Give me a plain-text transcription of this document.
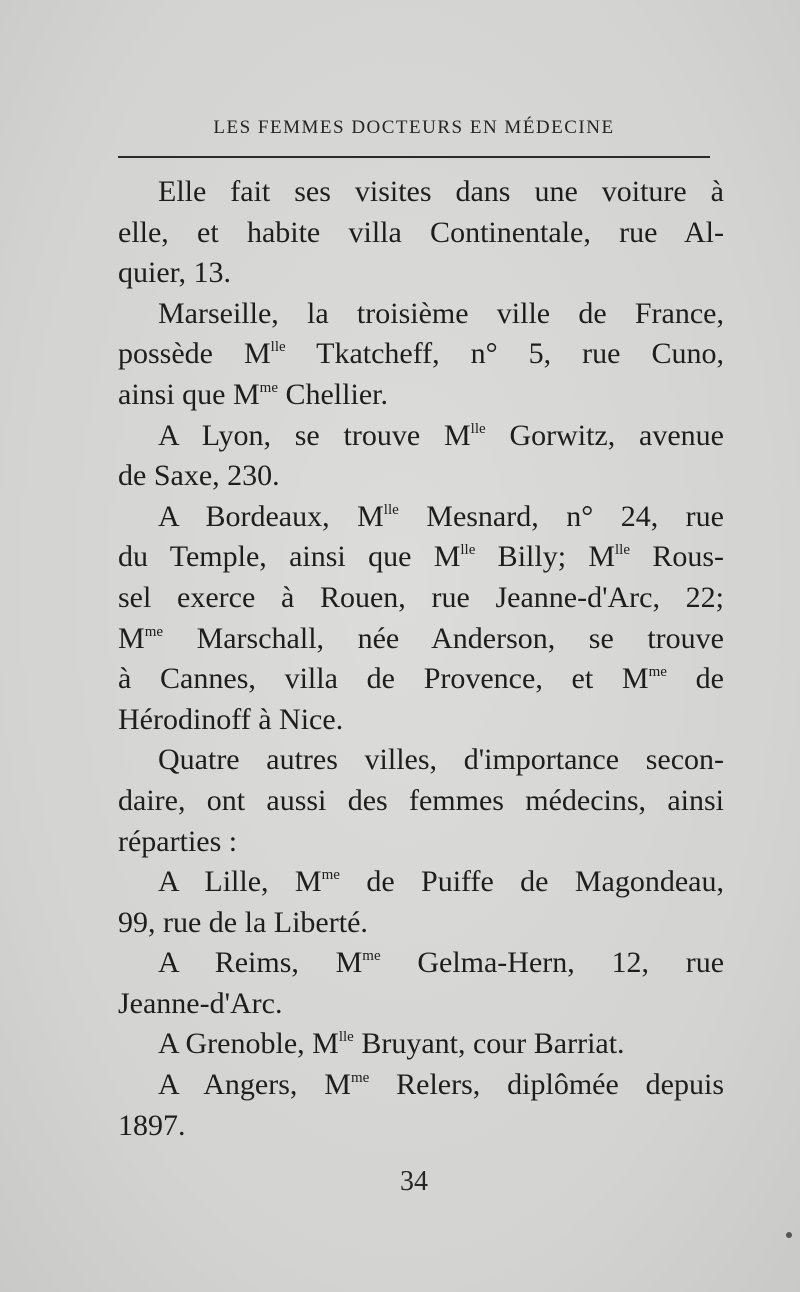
LES FEMMES DOCTEURS EN MÉDECINE
Elle fait ses visites dans une voiture à
elle, et habite villa Continentale, rue Al-
quier, 13.
Marseille, la troisième ville de France,
possède $M^{lle}$ Tkatcheff, n° 5, rue Cuno,
ainsi que $M^{me}$ Chellier.
A Lyon, se trouve $M^{lle}$ Gorwitz, avenue
de Saxe, 230.
A Bordeaux, $M^{lle}$ Mesnard, n° 24, rue
du Temple, ainsi que $M^{lle}$ Billy; $M^{lle}$ Rous-
sel exerce à Rouen, rue Jeanne-d'Arc, 22;
$M^{me}$ Marschall, née Anderson, se trouve
à Cannes, villa de Provence, et $M^{me}$ de
Hérodinoff à Nice.
Quatre autres villes, d'importance secon-
daire, ont aussi des femmes médecins, ainsi
réparties :
A Lille, $M^{me}$ de Puiffe de Magondeau,
99, rue de la Liberté.
A Reims, $M^{me}$ Gelma-Hern, 12, rue
Jeanne-d'Arc.
A Grenoble, $M^{lle}$ Bruyant, cour Barriat.
A Angers, $M^{me}$ Relers, diplômée depuis
1897.
34
